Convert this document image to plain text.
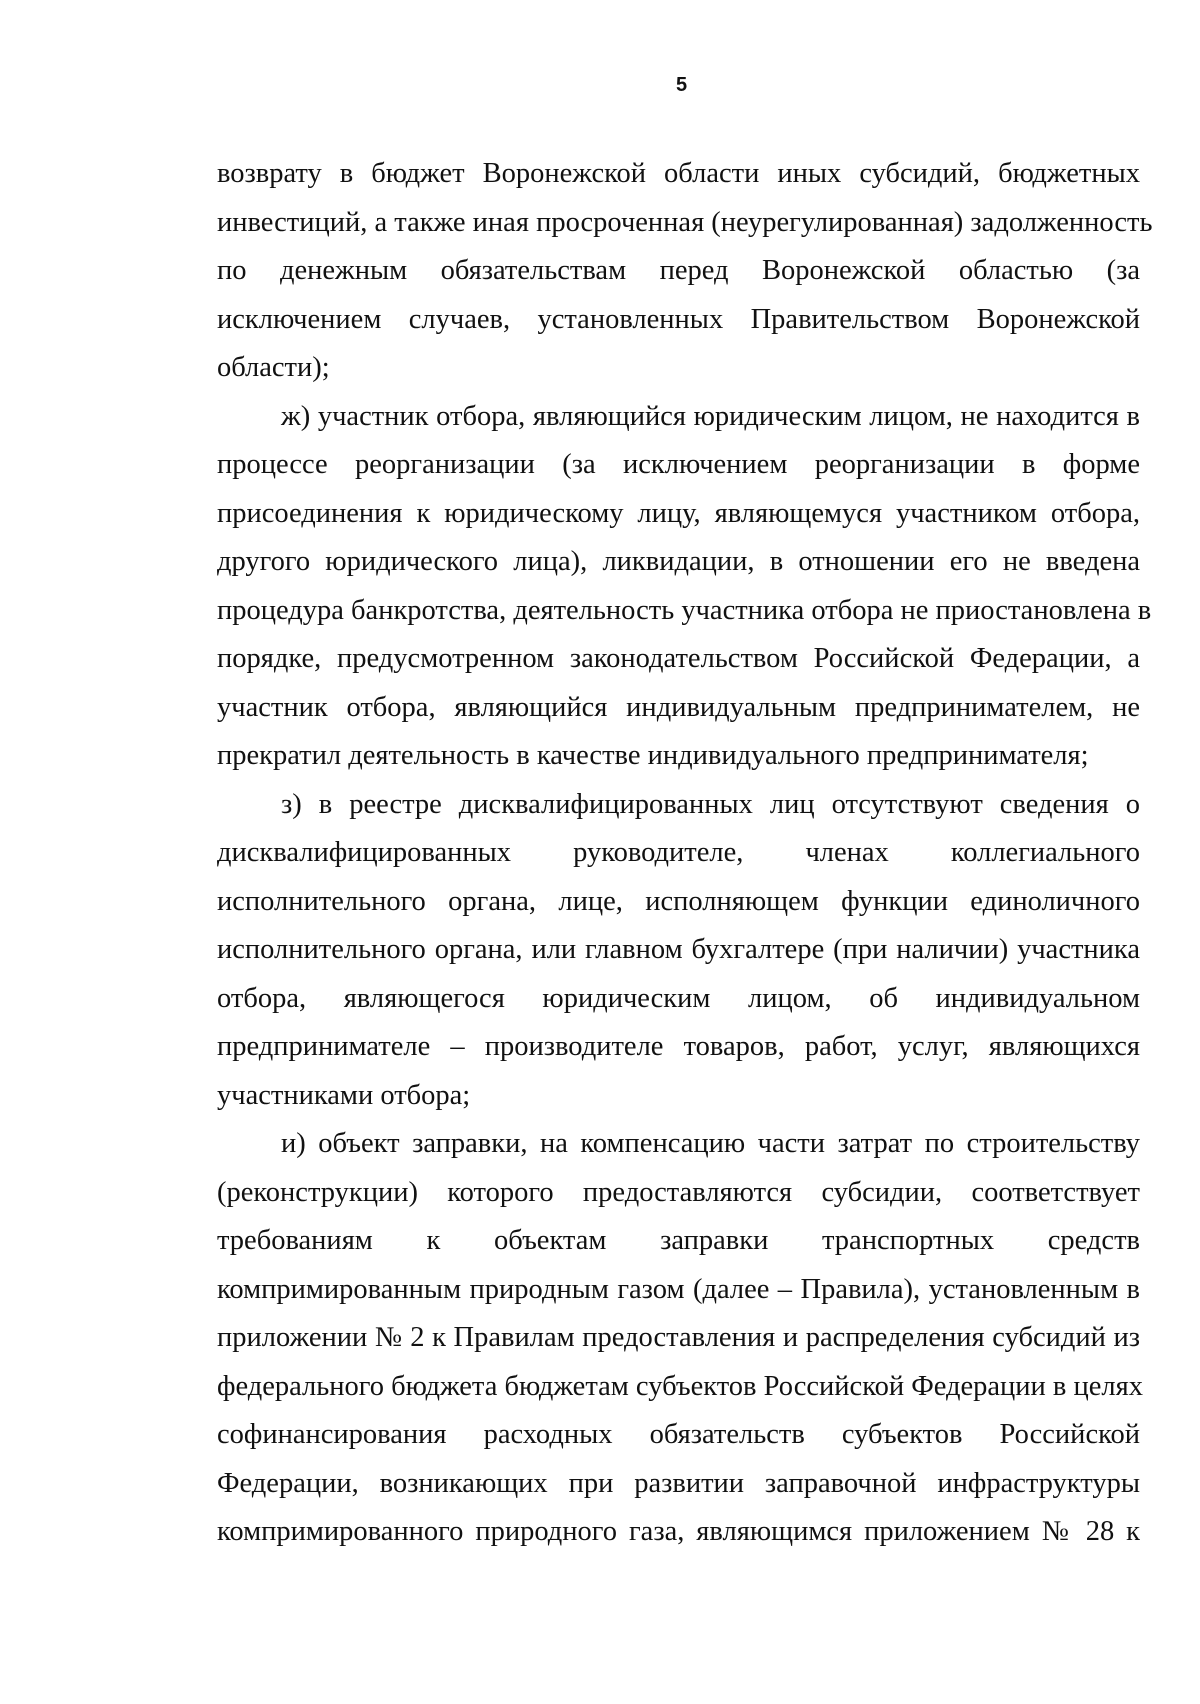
5
возврату в бюджет Воронежской области иных субсидий, бюджетных
инвестиций, а также иная просроченная (неурегулированная) задолженность
по денежным обязательствам перед Воронежской областью (за
исключением случаев, установленных Правительством Воронежской
области);
ж) участник отбора, являющийся юридическим лицом, не находится в
процессе реорганизации (за исключением реорганизации в форме
присоединения к юридическому лицу, являющемуся участником отбора,
другого юридического лица), ликвидации, в отношении его не введена
процедура банкротства, деятельность участника отбора не приостановлена в
порядке, предусмотренном законодательством Российской Федерации, а
участник отбора, являющийся индивидуальным предпринимателем, не
прекратил деятельность в качестве индивидуального предпринимателя;
з) в реестре дисквалифицированных лиц отсутствуют сведения о
дисквалифицированных руководителе, членах коллегиального
исполнительного органа, лице, исполняющем функции единоличного
исполнительного органа, или главном бухгалтере (при наличии) участника
отбора, являющегося юридическим лицом, об индивидуальном
предпринимателе – производителе товаров, работ, услуг, являющихся
участниками отбора;
и) объект заправки, на компенсацию части затрат по строительству
(реконструкции) которого предоставляются субсидии, соответствует
требованиям к объектам заправки транспортных средств
компримированным природным газом (далее – Правила), установленным в
приложении № 2 к Правилам предоставления и распределения субсидий из
федерального бюджета бюджетам субъектов Российской Федерации в целях
софинансирования расходных обязательств субъектов Российской
Федерации, возникающих при развитии заправочной инфраструктуры
компримированного природного газа, являющимся приложением № 28 к
